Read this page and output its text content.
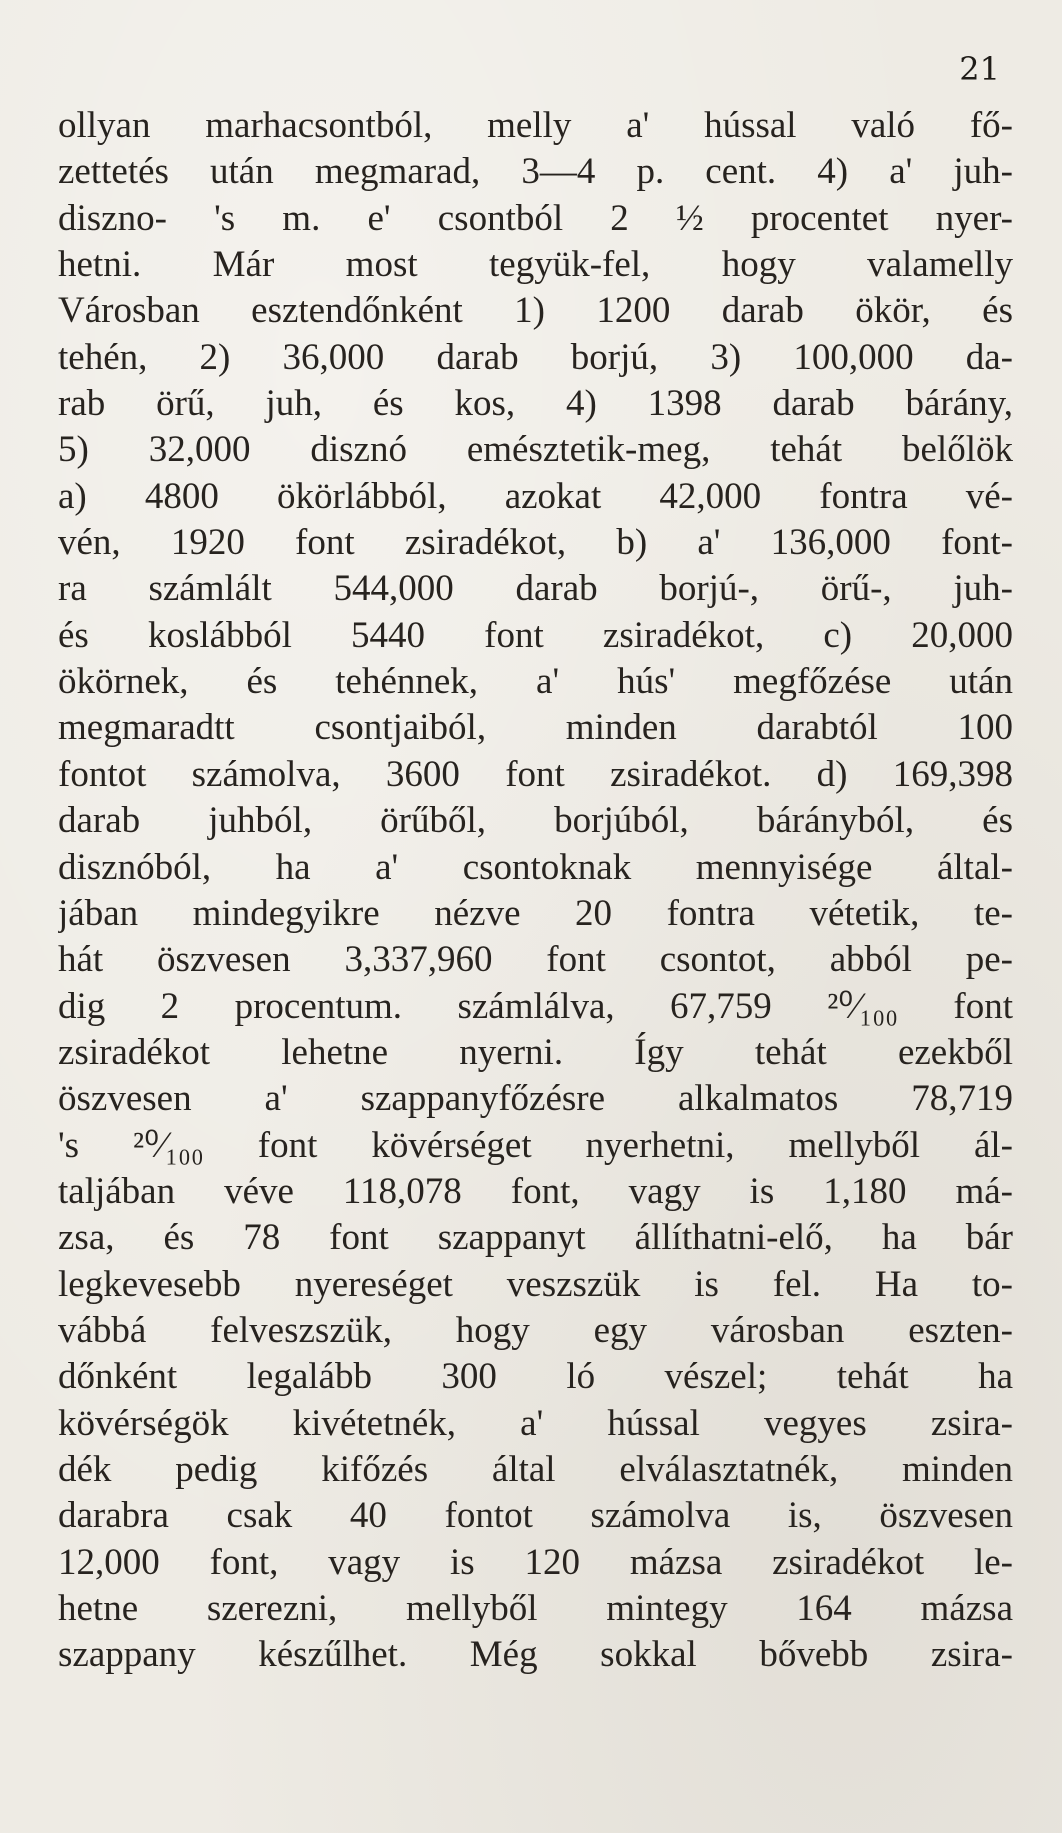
21
ollyan marhacsontból, melly a' hússal való fő-
zettetés után megmarad, 3—4 p. cent. 4) a' juh-
diszno- 's m. e' csontból 2 ½ procentet nyer-
hetni. Már most tegyük-fel, hogy valamelly
Városban esztendőnként 1) 1200 darab ökör, és
tehén, 2) 36,000 darab borjú, 3) 100,000 da-
rab örű, juh, és kos, 4) 1398 darab bárány,
5) 32,000 disznó emésztetik-meg, tehát belőlök
a) 4800 ökörlábból, azokat 42,000 fontra vé-
vén, 1920 font zsiradékot, b) a' 136,000 font-
ra számlált 544,000 darab borjú-, örű-, juh-
és koslábból 5440 font zsiradékot, c) 20,000
ökörnek, és tehénnek, a' hús' megfőzése után
megmaradtt csontjaiból, minden darabtól 100
fontot számolva, 3600 font zsiradékot. d) 169,398
darab juhból, örűből, borjúból, bárányból, és
disznóból, ha a' csontoknak mennyisége által-
jában mindegyikre nézve 20 fontra vétetik, te-
hát öszvesen 3,337,960 font csontot, abból pe-
dig 2 procentum. számlálva, 67,759 ²⁰⁄₁₀₀ font
zsiradékot lehetne nyerni. Így tehát ezekből
öszvesen a' szappanyfőzésre alkalmatos 78,719
's ²⁰⁄₁₀₀ font kövérséget nyerhetni, mellyből ál-
taljában véve 118,078 font, vagy is 1,180 má-
zsa, és 78 font szappanyt állíthatni-elő, ha bár
legkevesebb nyereséget veszszük is fel. Ha to-
vábbá felveszszük, hogy egy városban eszten-
dőnként legalább 300 ló vészel; tehát ha
kövérségök kivétetnék, a' hússal vegyes zsira-
dék pedig kifőzés által elválasztatnék, minden
darabra csak 40 fontot számolva is, öszvesen
12,000 font, vagy is 120 mázsa zsiradékot le-
hetne szerezni, mellyből mintegy 164 mázsa
szappany készűlhet. Még sokkal bővebb zsira-
